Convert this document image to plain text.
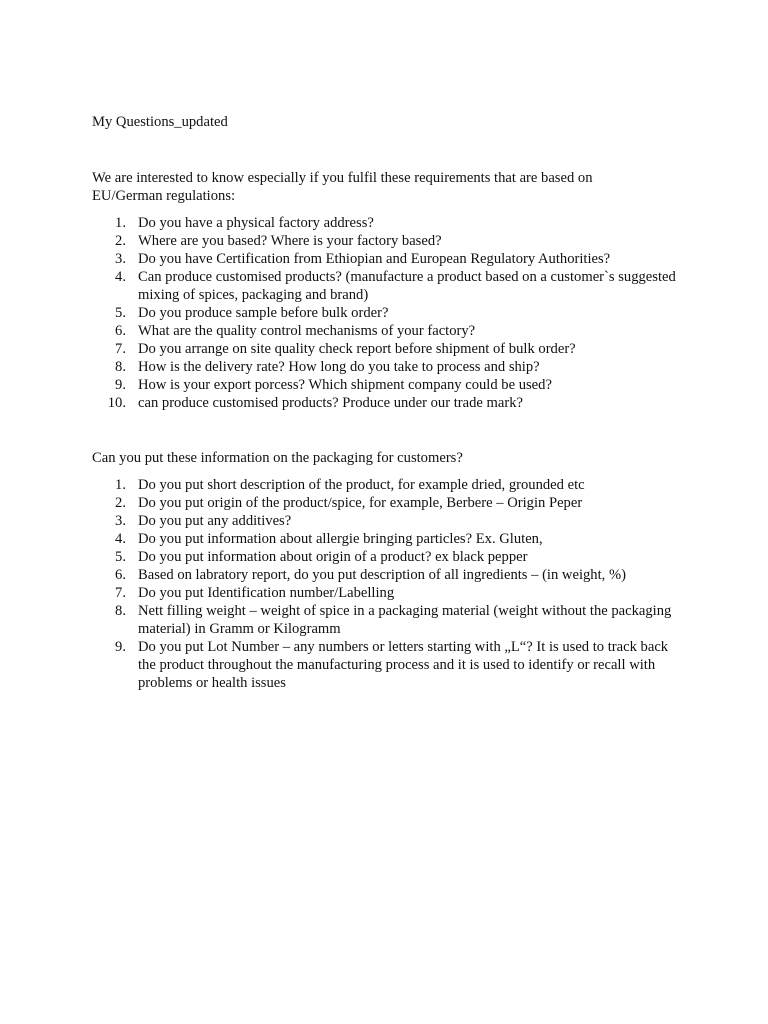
My Questions_updated

We are interested to know especially if you fulfil these requirements that are based on EU/German regulations:

1. Do you have a physical factory address?
2. Where are you based? Where is your factory based?
3. Do you have Certification from Ethiopian and European Regulatory Authorities?
4. Can produce customised products? (manufacture a product based on a customer`s suggested mixing of spices, packaging and brand)
5. Do you produce sample before bulk order?
6. What are the quality control mechanisms of your factory?
7. Do you arrange on site quality check report before shipment of bulk order?
8. How is the delivery rate? How long do you take to process and ship?
9. How is your export porcess? Which shipment company could be used?
10. can produce customised products? Produce under our trade mark?

Can you put these information on the packaging for customers?

1. Do you put short description of the product, for example dried, grounded etc
2. Do you put origin of the product/spice, for example, Berbere – Origin Peper
3. Do you put any additives?
4. Do you put information about allergie bringing particles? Ex. Gluten,
5. Do you put information about origin of a product? ex black pepper
6. Based on labratory report, do you put description of all ingredients – (in weight, %)
7. Do you put Identification number/Labelling
8. Nett filling weight – weight of spice in a packaging material (weight without the packaging material) in Gramm or Kilogramm
9. Do you put Lot Number – any numbers or letters starting with „L“? It is used to track back the product throughout the manufacturing process and it is used to identify or recall with problems or health issues
